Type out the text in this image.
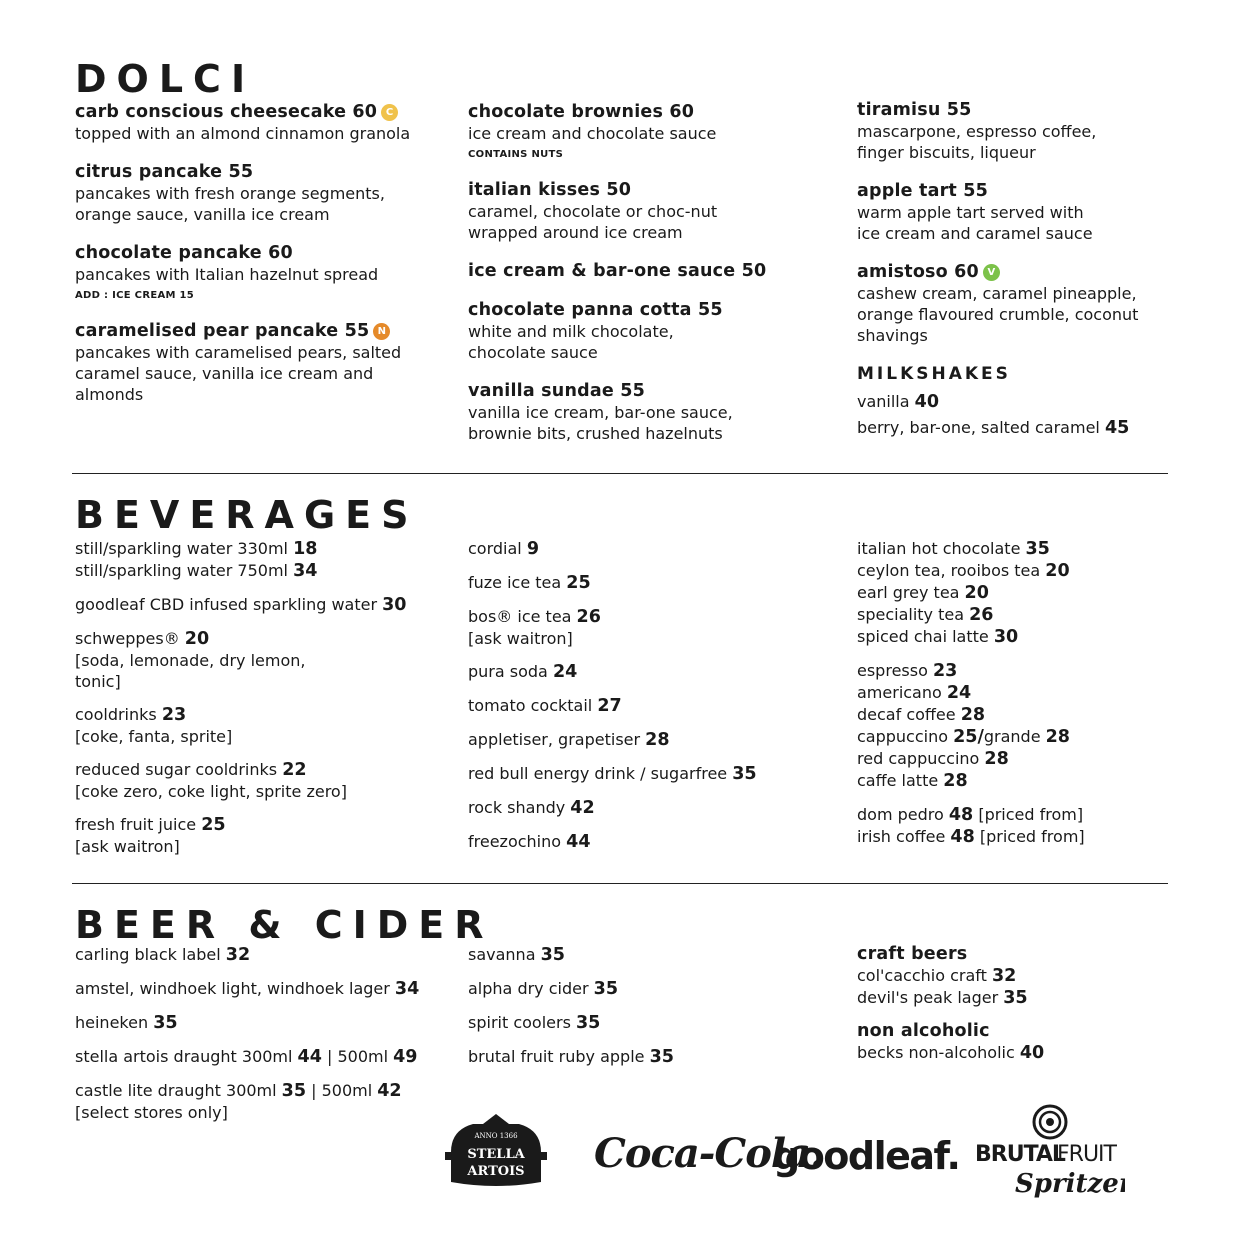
DOLCI
carb conscious cheesecake 60 C
topped with an almond cinnamon granola
citrus pancake 55
pancakes with fresh orange segments,
orange sauce, vanilla ice cream
chocolate pancake 60
pancakes with Italian hazelnut spread
ADD : ICE CREAM 15
caramelised pear pancake 55 N
pancakes with caramelised pears, salted
caramel sauce, vanilla ice cream and
almonds
chocolate brownies 60
ice cream and chocolate sauce
CONTAINS NUTS
italian kisses 50
caramel, chocolate or choc-nut
wrapped around ice cream
ice cream & bar-one sauce 50
chocolate panna cotta 55
white and milk chocolate,
chocolate sauce
vanilla sundae 55
vanilla ice cream, bar-one sauce,
brownie bits, crushed hazelnuts
tiramisu 55
mascarpone, espresso coffee,
finger biscuits, liqueur
apple tart 55
warm apple tart served with
ice cream and caramel sauce
amistoso 60 V
cashew cream, caramel pineapple,
orange flavoured crumble, coconut
shavings
MILKSHAKES
vanilla 40
berry, bar-one, salted caramel 45
BEVERAGES
still/sparkling water 330ml 18
still/sparkling water 750ml 34
goodleaf CBD infused sparkling water 30
schweppes® 20
[soda, lemonade, dry lemon,
tonic]
cooldrinks 23
[coke, fanta, sprite]
reduced sugar cooldrinks 22
[coke zero, coke light, sprite zero]
fresh fruit juice 25
[ask waitron]
cordial 9
fuze ice tea 25
bos® ice tea 26
[ask waitron]
pura soda 24
tomato cocktail 27
appletiser, grapetiser 28
red bull energy drink / sugarfree 35
rock shandy 42
freezochino 44
italian hot chocolate 35
ceylon tea, rooibos tea 20
earl grey tea 20
speciality tea 26
spiced chai latte 30
espresso 23
americano 24
decaf coffee 28
cappuccino 25/grande 28
red cappuccino 28
caffe latte 28
dom pedro 48 [priced from]
irish coffee 48 [priced from]
BEER & CIDER
carling black label 32
amstel, windhoek light, windhoek lager 34
heineken 35
stella artois draught 300ml 44 | 500ml 49
castle lite draught 300ml 35 | 500ml 42
[select stores only]
savanna 35
alpha dry cider 35
spirit coolers 35
brutal fruit ruby apple 35
craft beers
col'cacchio craft 32
devil's peak lager 35
non alcoholic
becks non-alcoholic 40
STELLA
ARTOIS
ANNO 1366 Coca-Cola.
goodleaf. BRUTAL
FRUIT
Spritzer
